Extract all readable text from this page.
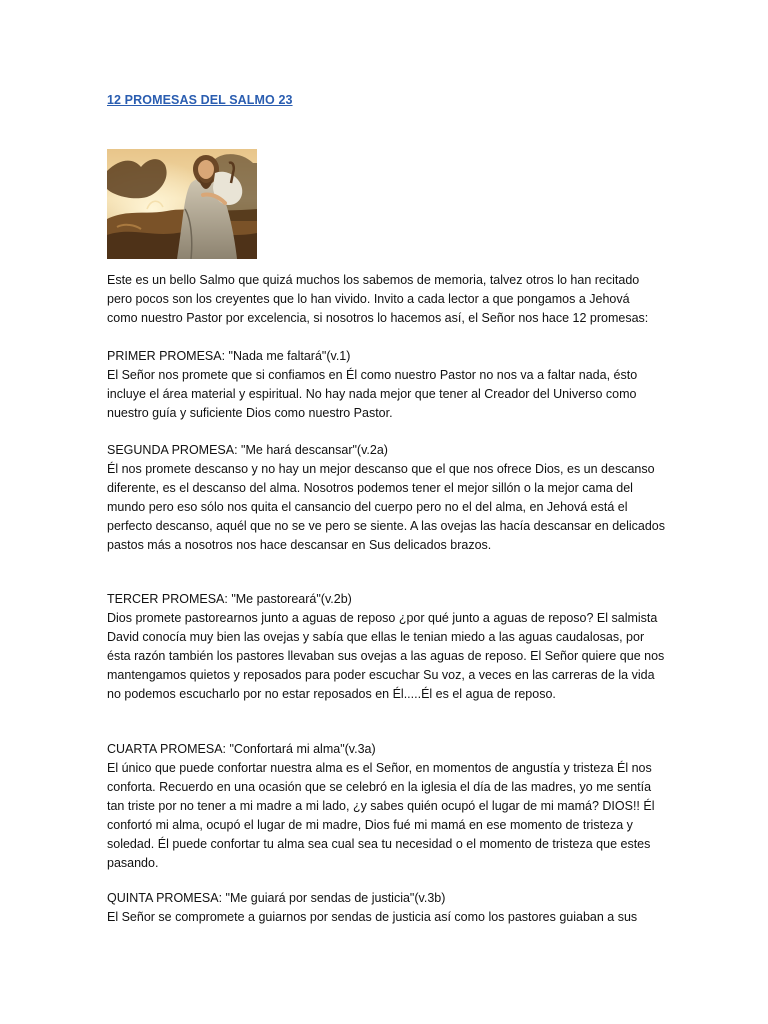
12 PROMESAS DEL SALMO 23

Este es un bello Salmo que quizá muchos los sabemos de memoria, talvez otros lo han recitado

pero pocos son los creyentes que lo han vivido. Invito a cada lector a que pongamos a Jehová

como nuestro Pastor por excelencia, si nosotros lo hacemos así, el Señor nos hace 12 promesas:

PRIMER PROMESA: "Nada me faltará"(v.1)

El Señor nos promete que si confiamos en Él como nuestro Pastor no nos va a faltar nada, ésto

incluye el área material y espiritual. No hay nada mejor que tener al Creador del Universo como

nuestro guía y suficiente Dios como nuestro Pastor.

SEGUNDA PROMESA: "Me hará descansar"(v.2a)

Él nos promete descanso y no hay un mejor descanso que el que nos ofrece Dios, es un descanso

diferente, es el descanso del alma. Nosotros podemos tener el mejor sillón o la mejor cama del

mundo pero eso sólo nos quita el cansancio del cuerpo pero no el del alma, en Jehová está el

perfecto descanso, aquél que no se ve pero se siente. A las ovejas las hacía descansar en delicados

pastos más a nosotros nos hace descansar en Sus delicados brazos.

TERCER PROMESA: "Me pastoreará"(v.2b)

Dios promete pastorearnos junto a aguas de reposo ¿por qué junto a aguas de reposo? El salmista

David conocía muy bien las ovejas y sabía que ellas le tenian miedo a las aguas caudalosas, por

ésta razón también los pastores llevaban sus ovejas a las aguas de reposo. El Señor quiere que nos

mantengamos quietos y reposados para poder escuchar Su voz, a veces en las carreras de la vida

no podemos escucharlo por no estar reposados en Él.....Él es el agua de reposo.

CUARTA PROMESA: "Confortará mi alma"(v.3a)

El único que puede confortar nuestra alma es el Señor, en momentos de angustía y tristeza Él nos

conforta. Recuerdo en una ocasión que se celebró en la iglesia el día de las madres, yo me sentía

tan triste por no tener a mi madre a mi lado, ¿y sabes quién ocupó el lugar de mi mamá? DIOS!! Él

confortó mi alma, ocupó el lugar de mi madre, Dios fué mi mamá en ese momento de tristeza y

soledad. Él puede confortar tu alma sea cual sea tu necesidad o el momento de tristeza que estes

pasando.

QUINTA PROMESA: "Me guiará por sendas de justicia"(v.3b)

El Señor se compromete a guiarnos por sendas de justicia así como los pastores guiaban a sus
